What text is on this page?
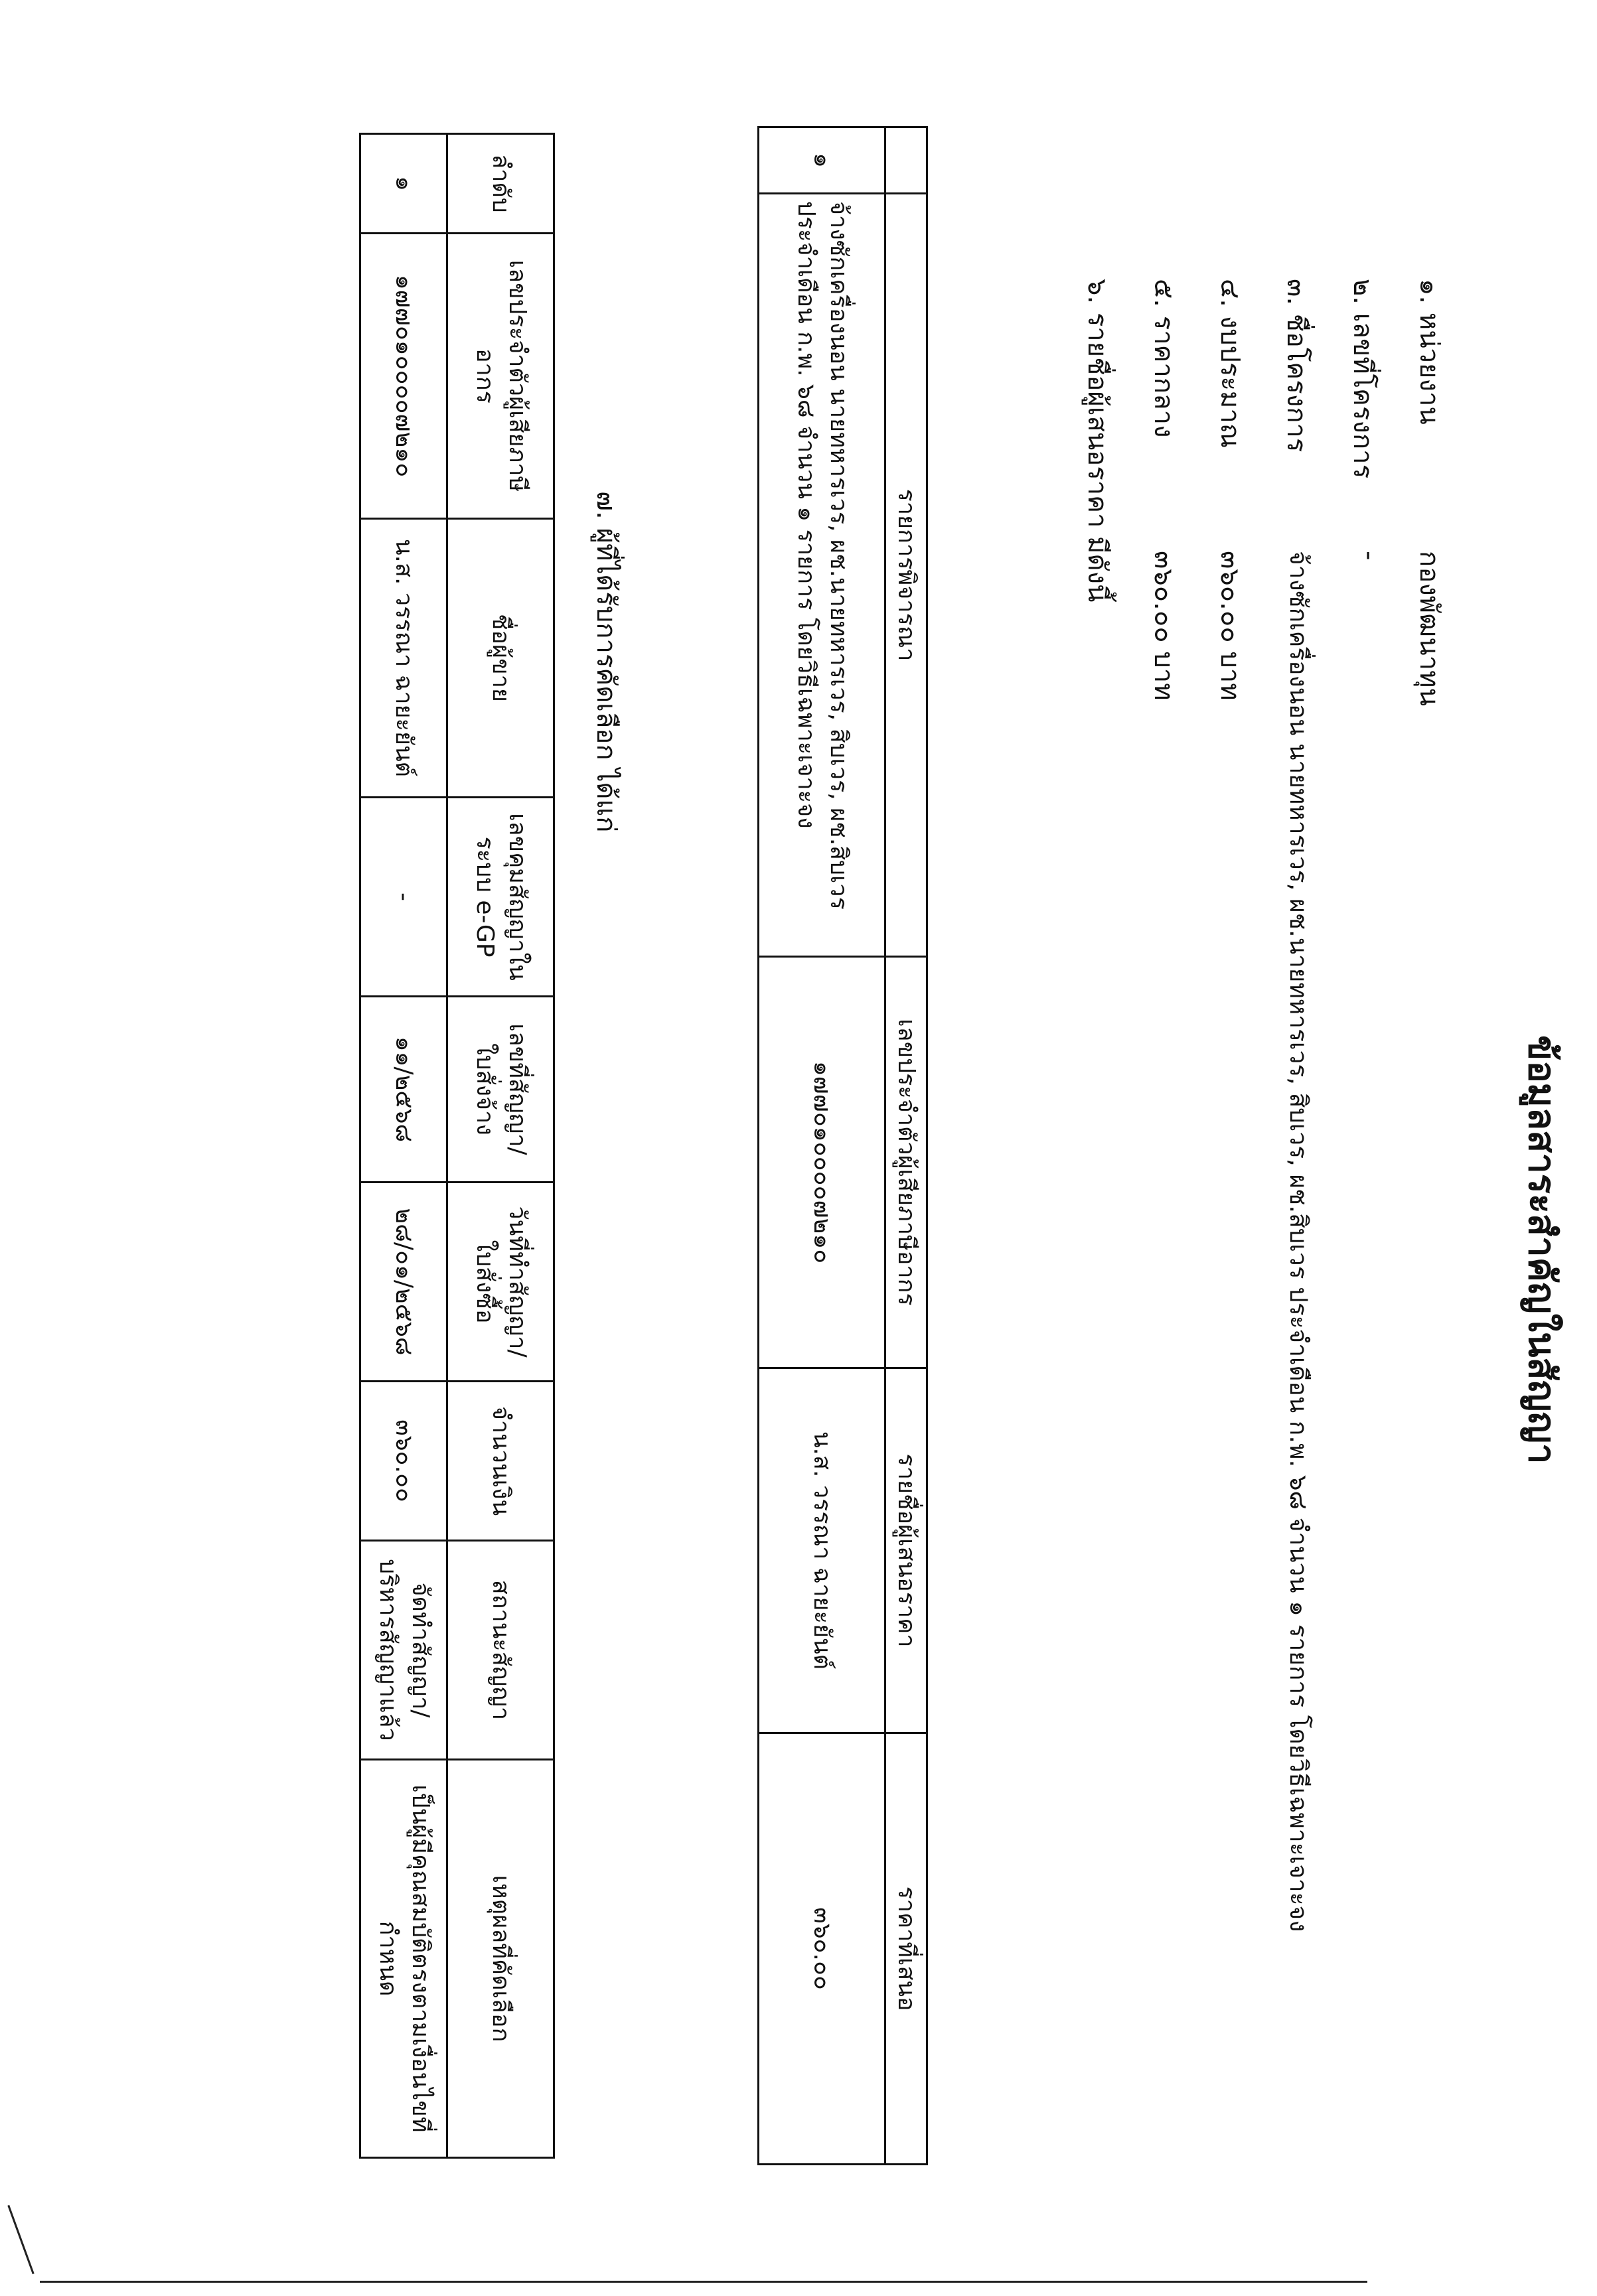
ข้อมูลสาระสำคัญในสัญญา
๑. หน่วยงาน
กองพัฒนาทุน
๒. เลขที่โครงการ
-
๓. ชื่อโครงการ
จ้างซักเครื่องนอน นายทหารเวร, ผช.นายทหารเวร, สิบเวร, ผช.สิบเวร ประจำเดือน ก.พ. ๖๘ จำนวน ๑ รายการ โดยวิธีเฉพาะเจาะจง
๔. งบประมาณ
๓๖๐.๐๐ บาท
๕. ราคากลาง
๓๖๐.๐๐ บาท
๖. รายชื่อผู้เสนอราคา มีดังนี้
	รายการพิจารณา	เลขประจำตัวผู้เสียภาษีอากร	รายชื่อผู้เสนอราคา	ราคาที่เสนอ
๑	จ้างซักเครื่องนอน นายทหารเวร, ผช.นายทหารเวร, สิบเวร, ผช.สิบเวร ประจำเดือน ก.พ. ๖๘ จำนวน ๑ รายการ โดยวิธีเฉพาะเจาะจง	๑๗๗๐๑๐๐๐๐๗๒๑๐	น.ส. วรรณา ฉายะยันต์	๓๖๐.๐๐
๗. ผู้ที่ได้รับการคัดเลือก ได้แก่
ลำดับ	เลขประจำตัวผู้เสียภาษีอากร	ชื่อผู้ขาย	เลขคุมสัญญาในระบบ e-GP	เลขที่สัญญา/ใบสั่งจ้าง	วันที่ทำสัญญา/ใบสั่งซื้อ	จำนวนเงิน	สถานะสัญญา	เหตุผลที่คัดเลือก
๑	๑๗๗๐๑๐๐๐๐๗๒๑๐	น.ส. วรรณา ฉายะยันต์	-	๑๑/๒๕๖๘	๒๘/๐๑/๒๕๖๘	๓๖๐.๐๐	จัดทำสัญญา/บริหารสัญญาแล้ว	เป็นผู้มีคุณสมบัติตรงตามเงื่อนไขที่กำหนด
